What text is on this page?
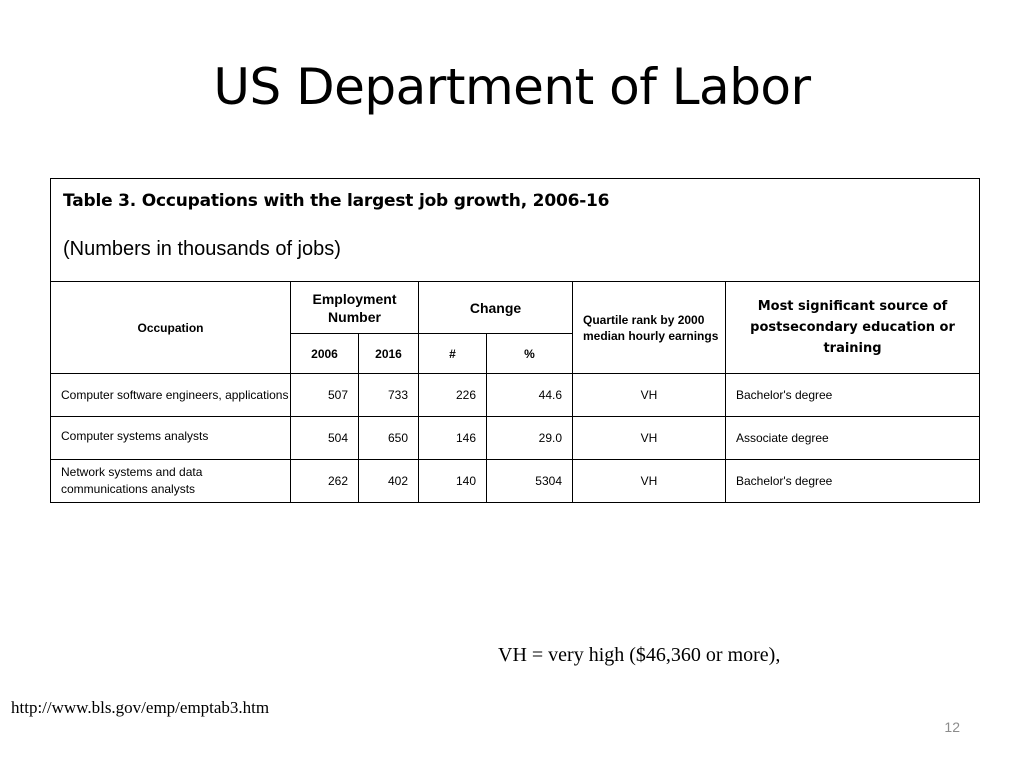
US Department of Labor
Table 3. Occupations with the largest job growth, 2006-16
(Numbers in thousands of jobs)						

Occupation	Employment Number		Change		Quartile rank by 2000 median hourly earnings	Most significant source of postsecondary education or training
	2006	2016	#	%		
Computer software engineers, applications	507	733	226	44.6	VH	Bachelor's degree
Computer systems analysts	504	650	146	29.0	VH	Associate degree
Network systems and data communications analysts	262	402	140	5304	VH	Bachelor's degree
VH = very high ($46,360 or more),
http://www.bls.gov/emp/emptab3.htm
12
